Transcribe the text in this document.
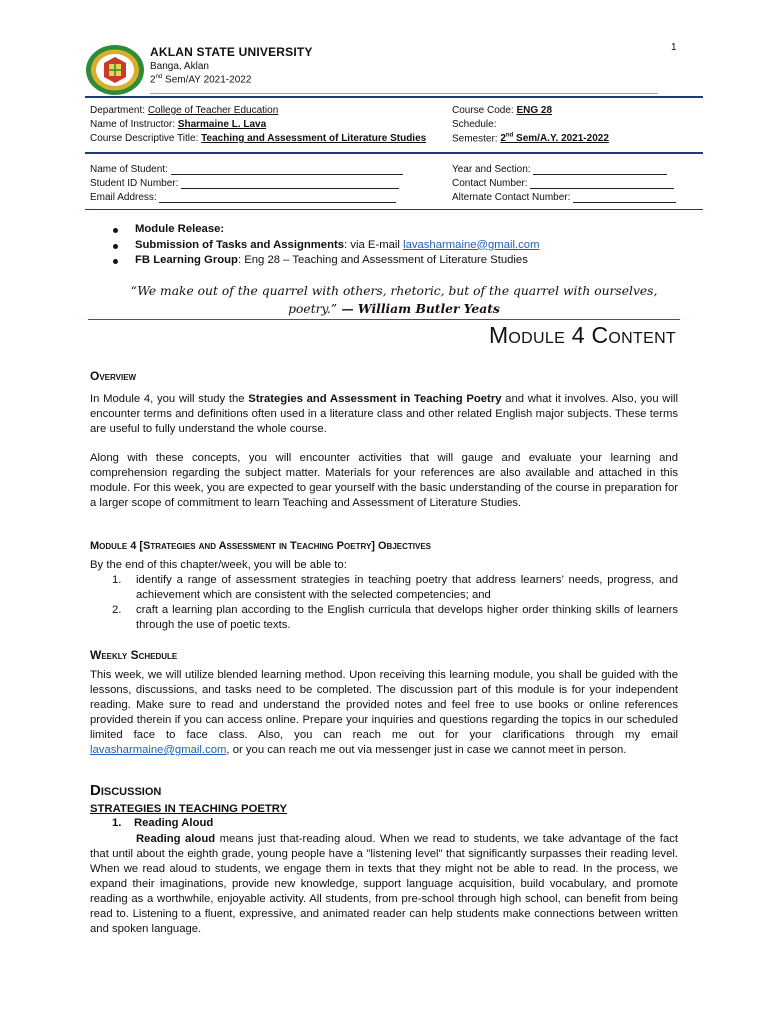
1
AKLAN STATE UNIVERSITY
Banga, Aklan
2nd Sem/AY 2021-2022
Department: College of Teacher Education
Name of Instructor: Sharmaine L. Lava
Course Descriptive Title: Teaching and Assessment of Literature Studies
Course Code: ENG 28
Schedule:
Semester: 2nd Sem/A.Y. 2021-2022
Name of Student:
Student ID Number:
Email Address:
Year and Section:
Contact Number:
Alternate Contact Number:
Module Release:
Submission of Tasks and Assignments: via E-mail lavasharmaine@gmail.com
FB Learning Group: Eng 28 – Teaching and Assessment of Literature Studies
“We make out of the quarrel with others, rhetoric, but of the quarrel with ourselves, poetry.” — William Butler Yeats
Module 4 Content
Overview
In Module 4, you will study the Strategies and Assessment in Teaching Poetry and what it involves. Also, you will encounter terms and definitions often used in a literature class and other related English major subjects. These terms are useful to fully understand the whole course.
Along with these concepts, you will encounter activities that will gauge and evaluate your learning and comprehension regarding the subject matter. Materials for your references are also available and attached in this module. For this week, you are expected to gear yourself with the basic understanding of the course in preparation for a larger scope of commitment to learn Teaching and Assessment of Literature Studies.
Module 4 [Strategies and Assessment in Teaching Poetry] Objectives
By the end of this chapter/week, you will be able to:
1. identify a range of assessment strategies in teaching poetry that address learners’ needs, progress, and achievement which are consistent with the selected competencies; and
2. craft a learning plan according to the English curricula that develops higher order thinking skills of learners through the use of poetic texts.
Weekly Schedule
This week, we will utilize blended learning method. Upon receiving this learning module, you shall be guided with the lessons, discussions, and tasks need to be completed. The discussion part of this module is for your independent reading. Make sure to read and understand the provided notes and feel free to use books or online references provided therein if you can access online. Prepare your inquiries and questions regarding the topics in our scheduled limited face to face class. Also, you can reach me out for your clarifications through my email lavasharmaine@gmail.com, or you can reach me out via messenger just in case we cannot meet in person.
Discussion
STRATEGIES IN TEACHING POETRY
1. Reading Aloud
Reading aloud means just that-reading aloud. When we read to students, we take advantage of the fact that until about the eighth grade, young people have a "listening level" that significantly surpasses their reading level. When we read aloud to students, we engage them in texts that they might not be able to read. In the process, we expand their imaginations, provide new knowledge, support language acquisition, build vocabulary, and promote reading as a worthwhile, enjoyable activity. All students, from pre-school through high school, can benefit from being read to. Listening to a fluent, expressive, and animated reader can help students make connections between written and spoken language.
